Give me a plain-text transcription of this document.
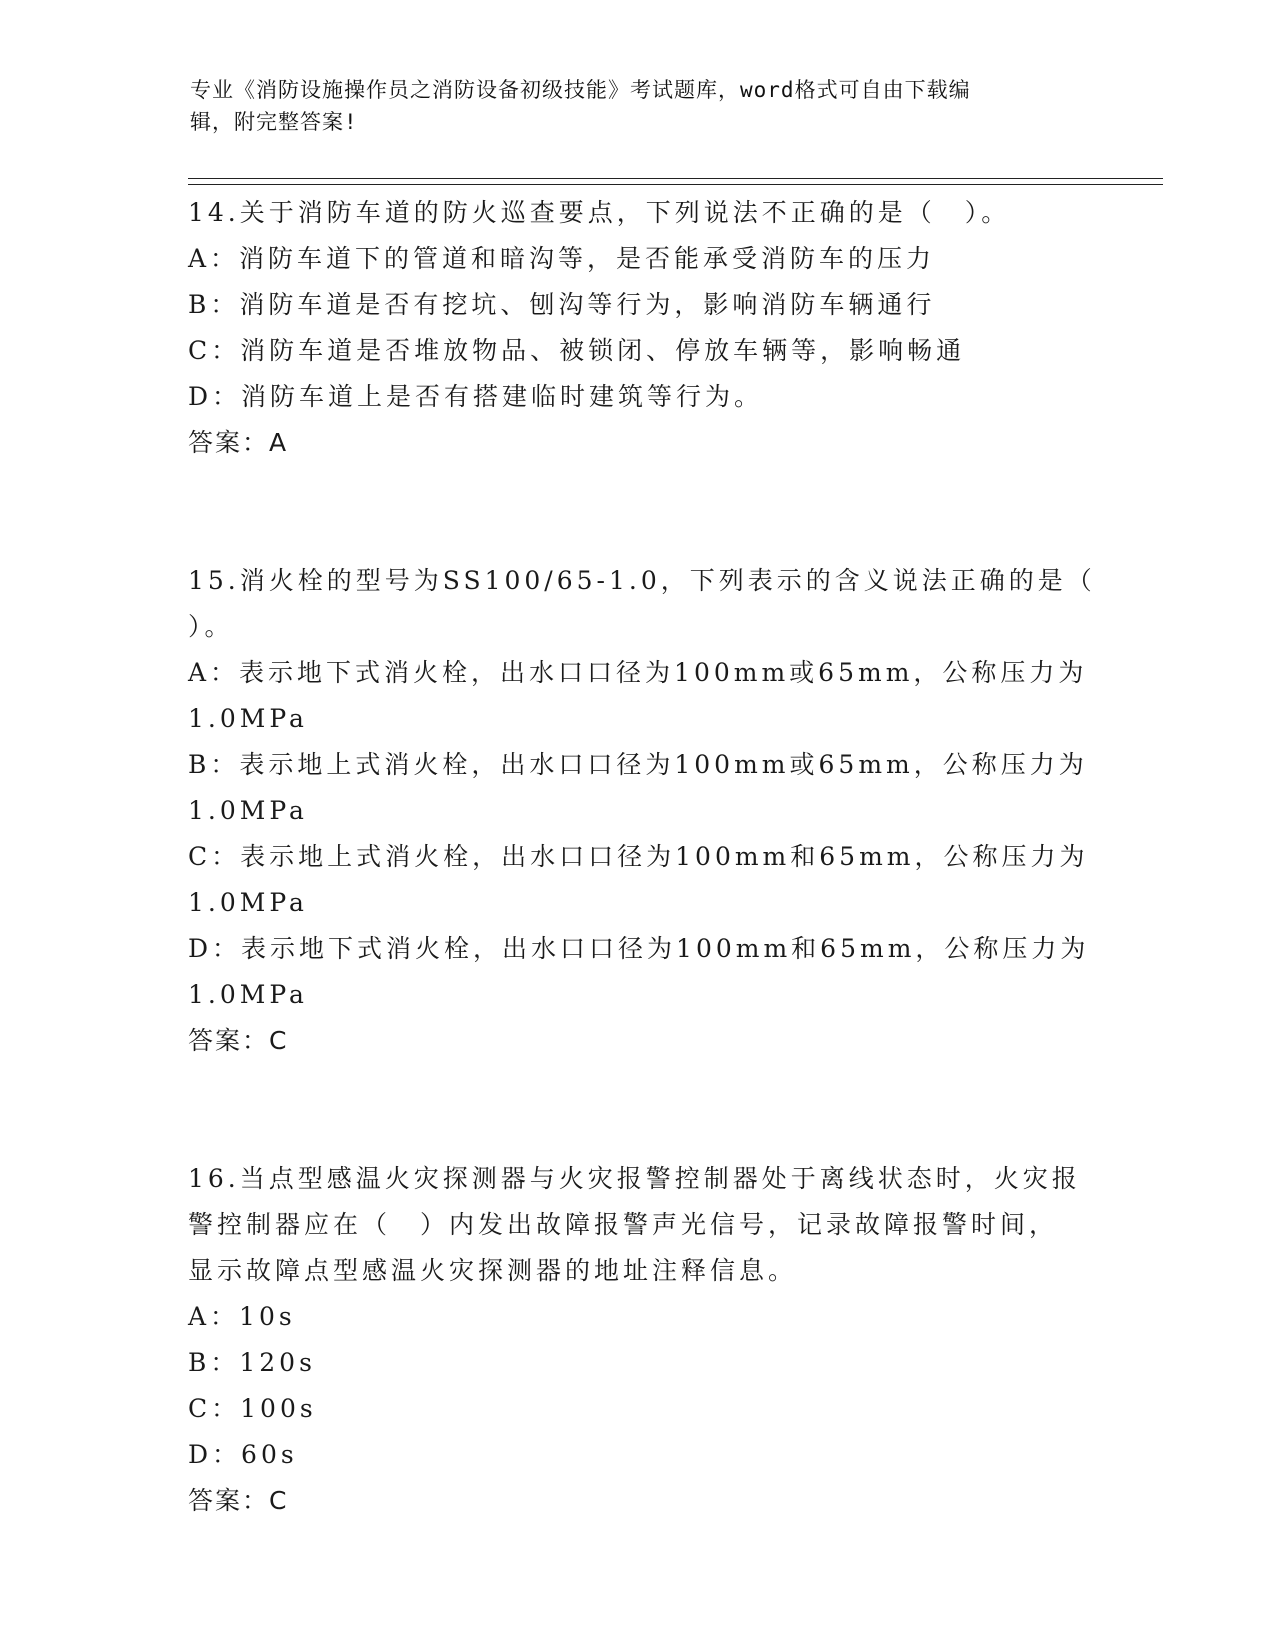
专业《消防设施操作员之消防设备初级技能》考试题库，word格式可自由下载编
辑，附完整答案!
14.关于消防车道的防火巡查要点，下列说法不正确的是（　）。
A：消防车道下的管道和暗沟等，是否能承受消防车的压力
B：消防车道是否有挖坑、刨沟等行为，影响消防车辆通行
C：消防车道是否堆放物品、被锁闭、停放车辆等，影响畅通
D：消防车道上是否有搭建临时建筑等行为。
答案：A
15.消火栓的型号为SS100/65-1.0，下列表示的含义说法正确的是（
）。
A：表示地下式消火栓，出水口口径为100mm或65mm，公称压力为
1.0MPa
B：表示地上式消火栓，出水口口径为100mm或65mm，公称压力为
1.0MPa
C：表示地上式消火栓，出水口口径为100mm和65mm，公称压力为
1.0MPa
D：表示地下式消火栓，出水口口径为100mm和65mm，公称压力为
1.0MPa
答案：C
16.当点型感温火灾探测器与火灾报警控制器处于离线状态时，火灾报
警控制器应在（　）内发出故障报警声光信号，记录故障报警时间，
显示故障点型感温火灾探测器的地址注释信息。
A：10s
B：120s
C：100s
D：60s
答案：C
